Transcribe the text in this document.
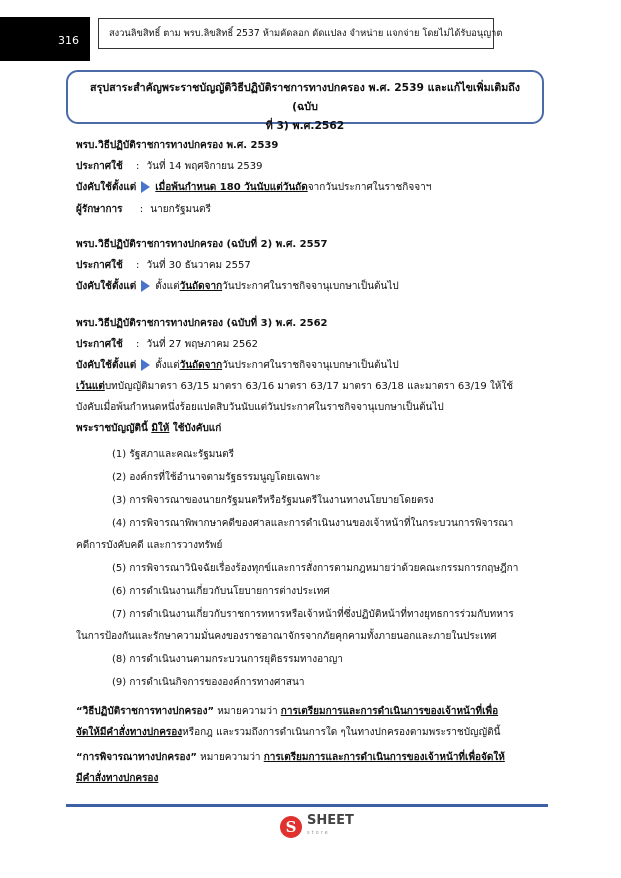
316
สงวนลิขสิทธิ์ ตาม พรบ.ลิขสิทธิ์ 2537 ห้ามคัดลอก ดัดแปลง จำหน่าย แจกจ่าย โดยไม่ได้รับอนุญาต
สรุปสาระสำคัญพระราชบัญญัติวิธีปฏิบัติราชการทางปกครอง พ.ศ. 2539 และแก้ไขเพิ่มเติมถึง (ฉบับ
ที่ 3) พ.ศ.2562
พรบ.วิธีปฏิบัติราชการทางปกครอง พ.ศ. 2539
ประกาศใช้ : วันที่ 14 พฤศจิกายน 2539
บังคับใช้ตั้งแต่ เมื่อพ้นกำหนด 180 วันนับแต่วันถัดจากวันประกาศในราชกิจจาฯ
ผู้รักษาการ : นายกรัฐมนตรี
พรบ.วิธีปฏิบัติราชการทางปกครอง (ฉบับที่ 2) พ.ศ. 2557
ประกาศใช้ : วันที่ 30 ธันวาคม 2557
บังคับใช้ตั้งแต่ ตั้งแต่วันถัดจากวันประกาศในราชกิจจานุเบกษาเป็นต้นไป
พรบ.วิธีปฏิบัติราชการทางปกครอง (ฉบับที่ 3) พ.ศ. 2562
ประกาศใช้ : วันที่ 27 พฤษภาคม 2562
บังคับใช้ตั้งแต่ ตั้งแต่วันถัดจากวันประกาศในราชกิจจานุเบกษาเป็นต้นไป
เว้นแต่บทบัญญัติมาตรา 63/15 มาตรา 63/16 มาตรา 63/17 มาตรา 63/18 และมาตรา 63/19 ให้ใช้
บังคับเมื่อพ้นกำหนดหนึ่งร้อยแปดสิบวันนับแต่วันประกาศในราชกิจจานุเบกษาเป็นต้นไป
พระราชบัญญัตินี้ มิให้ ใช้บังคับแก่
(1) รัฐสภาและคณะรัฐมนตรี
(2) องค์กรที่ใช้อำนาจตามรัฐธรรมนูญโดยเฉพาะ
(3) การพิจารณาของนายกรัฐมนตรีหรือรัฐมนตรีในงานทางนโยบายโดยตรง
(4) การพิจารณาพิพากษาคดีของศาลและการดำเนินงานของเจ้าหน้าที่ในกระบวนการพิจารณา
คดีการบังคับคดี และการวางทรัพย์
(5) การพิจารณาวินิจฉัยเรื่องร้องทุกข์และการสั่งการตามกฎหมายว่าด้วยคณะกรรมการกฤษฎีกา
(6) การดำเนินงานเกี่ยวกับนโยบายการต่างประเทศ
(7) การดำเนินงานเกี่ยวกับราชการทหารหรือเจ้าหน้าที่ซึ่งปฏิบัติหน้าที่ทางยุทธการร่วมกับทหาร
ในการป้องกันและรักษาความมั่นคงของราชอาณาจักรจากภัยคุกคามทั้งภายนอกและภายในประเทศ
(8) การดำเนินงานตามกระบวนการยุติธรรมทางอาญา
(9) การดำเนินกิจการขององค์การทางศาสนา
“วิธีปฏิบัติราชการทางปกครอง” หมายความว่า การเตรียมการและการดำเนินการของเจ้าหน้าที่เพื่อ
จัดให้มีคำสั่งทางปกครองหรือกฎ และรวมถึงการดำเนินการใด ๆในทางปกครองตามพระราชบัญญัตินี้
“การพิจารณาทางปกครอง” หมายความว่า การเตรียมการและการดำเนินการของเจ้าหน้าที่เพื่อจัดให้
มีคำสั่งทางปกครอง
S SHEET
store
